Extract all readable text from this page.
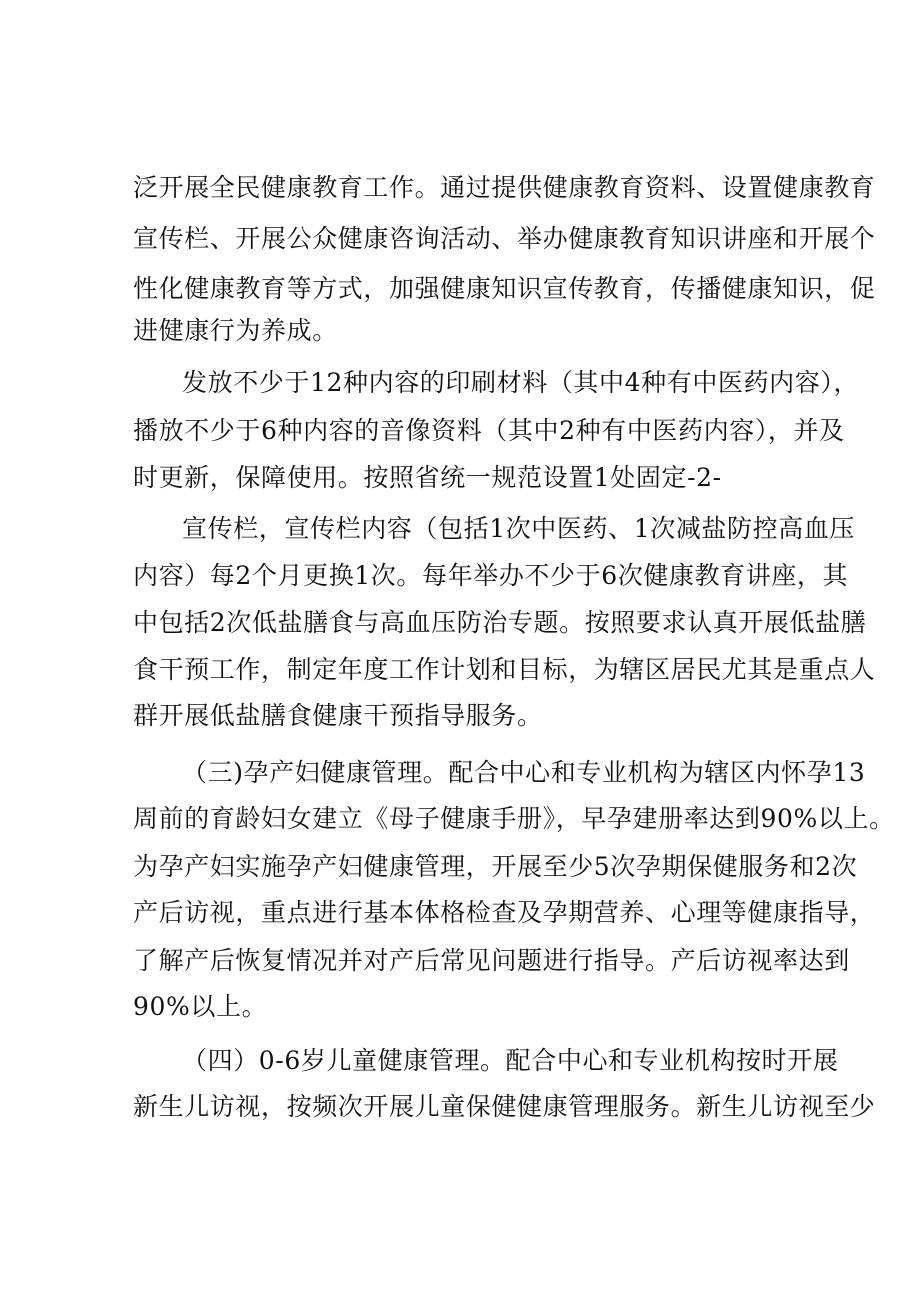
泛开展全民健康教育工作。通过提供健康教育资料、设置健康教育
宣传栏、开展公众健康咨询活动、举办健康教育知识讲座和开展个
性化健康教育等方式，加强健康知识宣传教育，传播健康知识，促
进健康行为养成。
发放不少于12种内容的印刷材料（其中4种有中医药内容），
播放不少于6种内容的音像资料（其中2种有中医药内容），并及
时更新，保障使用。按照省统一规范设置1处固定-2-
宣传栏，宣传栏内容（包括1次中医药、1次减盐防控高血压
内容）每2个月更换1次。每年举办不少于6次健康教育讲座，其
中包括2次低盐膳食与高血压防治专题。按照要求认真开展低盐膳
食干预工作，制定年度工作计划和目标，为辖区居民尤其是重点人
群开展低盐膳食健康干预指导服务。
（三)孕产妇健康管理。配合中心和专业机构为辖区内怀孕13
周前的育龄妇女建立《母子健康手册》，早孕建册率达到90%以上。
为孕产妇实施孕产妇健康管理，开展至少5次孕期保健服务和2次
产后访视，重点进行基本体格检查及孕期营养、心理等健康指导，
了解产后恢复情况并对产后常见问题进行指导。产后访视率达到
90%以上。
（四）0-6岁儿童健康管理。配合中心和专业机构按时开展
新生儿访视，按频次开展儿童保健健康管理服务。新生儿访视至少
